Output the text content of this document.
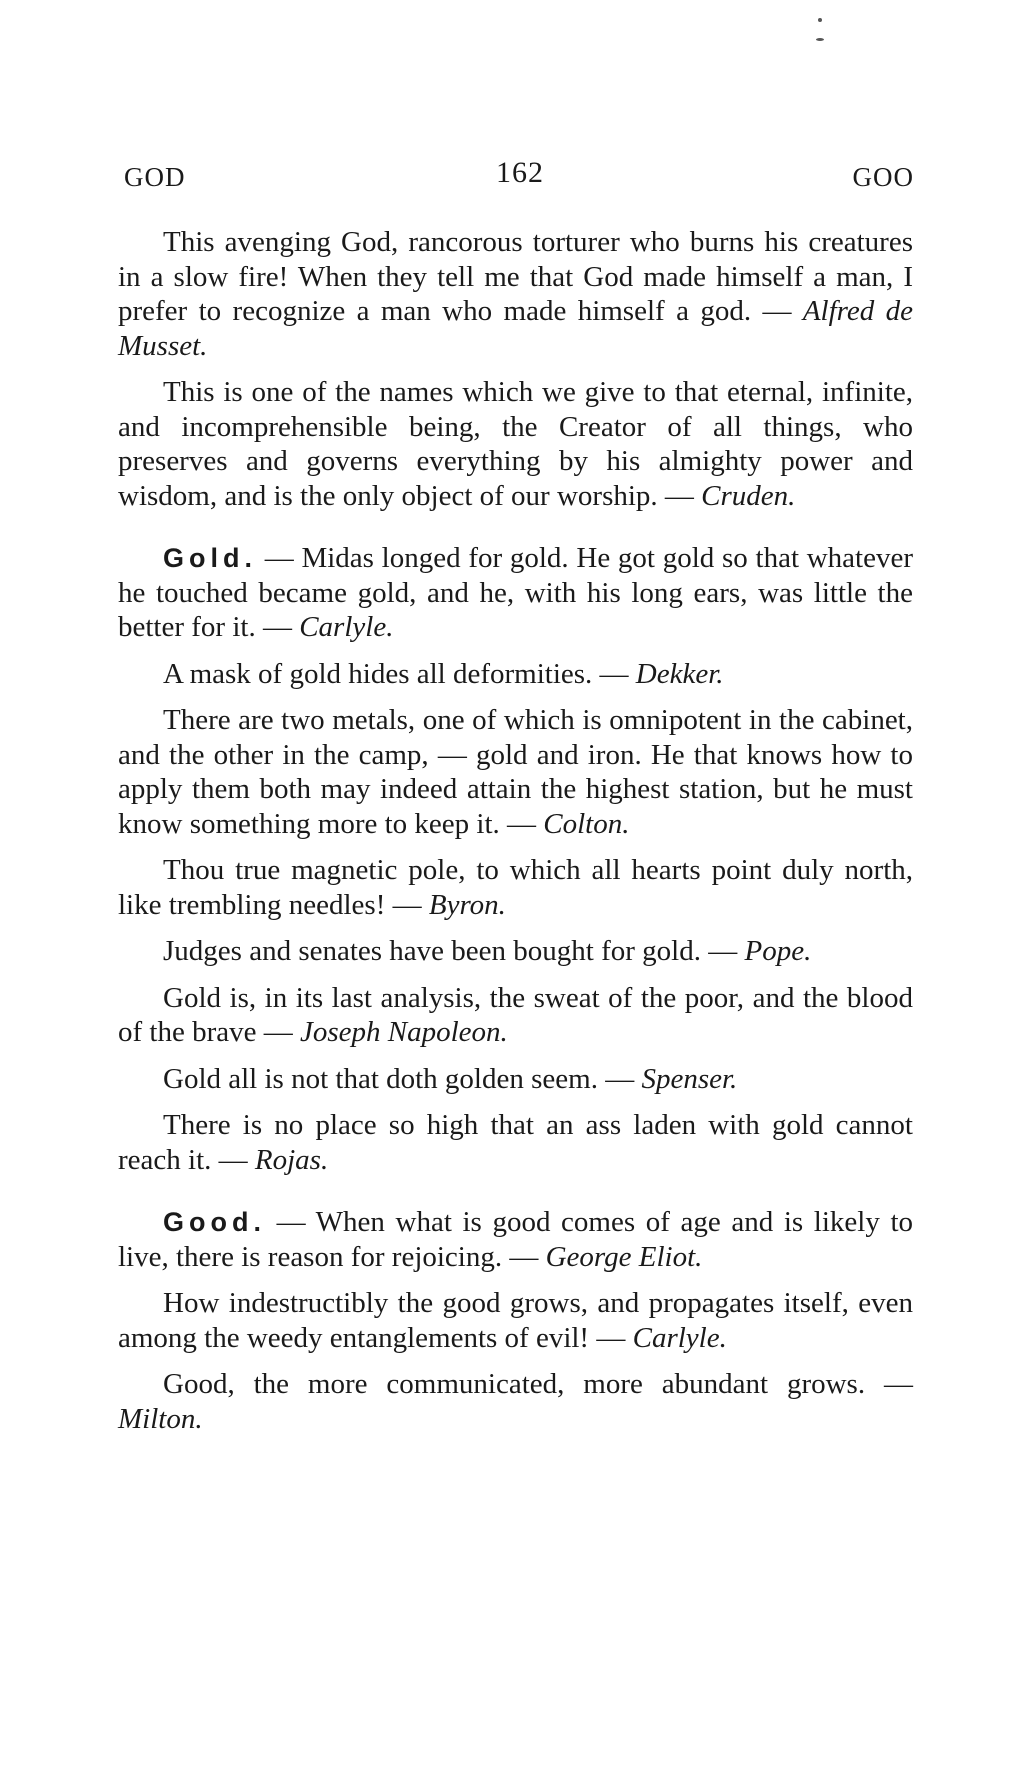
GOD	162	GOO

This avenging God, rancorous torturer who burns his creatures in a slow fire! When they tell me that God made himself a man, I prefer to recognize a man who made himself a god. — Alfred de Musset.

This is one of the names which we give to that eternal, infinite, and incomprehensible being, the Creator of all things, who preserves and governs everything by his almighty power and wisdom, and is the only object of our worship. — Cruden.

Gold. — Midas longed for gold. He got gold so that whatever he touched became gold, and he, with his long ears, was little the better for it. — Carlyle.

A mask of gold hides all deformities. — Dekker.

There are two metals, one of which is omnipotent in the cabinet, and the other in the camp, — gold and iron. He that knows how to apply them both may indeed attain the highest station, but he must know something more to keep it. — Colton.

Thou true magnetic pole, to which all hearts point duly north, like trembling needles! — Byron.

Judges and senates have been bought for gold. — Pope.

Gold is, in its last analysis, the sweat of the poor, and the blood of the brave — Joseph Napoleon.

Gold all is not that doth golden seem. — Spenser.

There is no place so high that an ass laden with gold cannot reach it. — Rojas.

Good. — When what is good comes of age and is likely to live, there is reason for rejoicing. — George Eliot.

How indestructibly the good grows, and propagates itself, even among the weedy entanglements of evil! — Carlyle.

Good, the more communicated, more abundant grows. — Milton.
